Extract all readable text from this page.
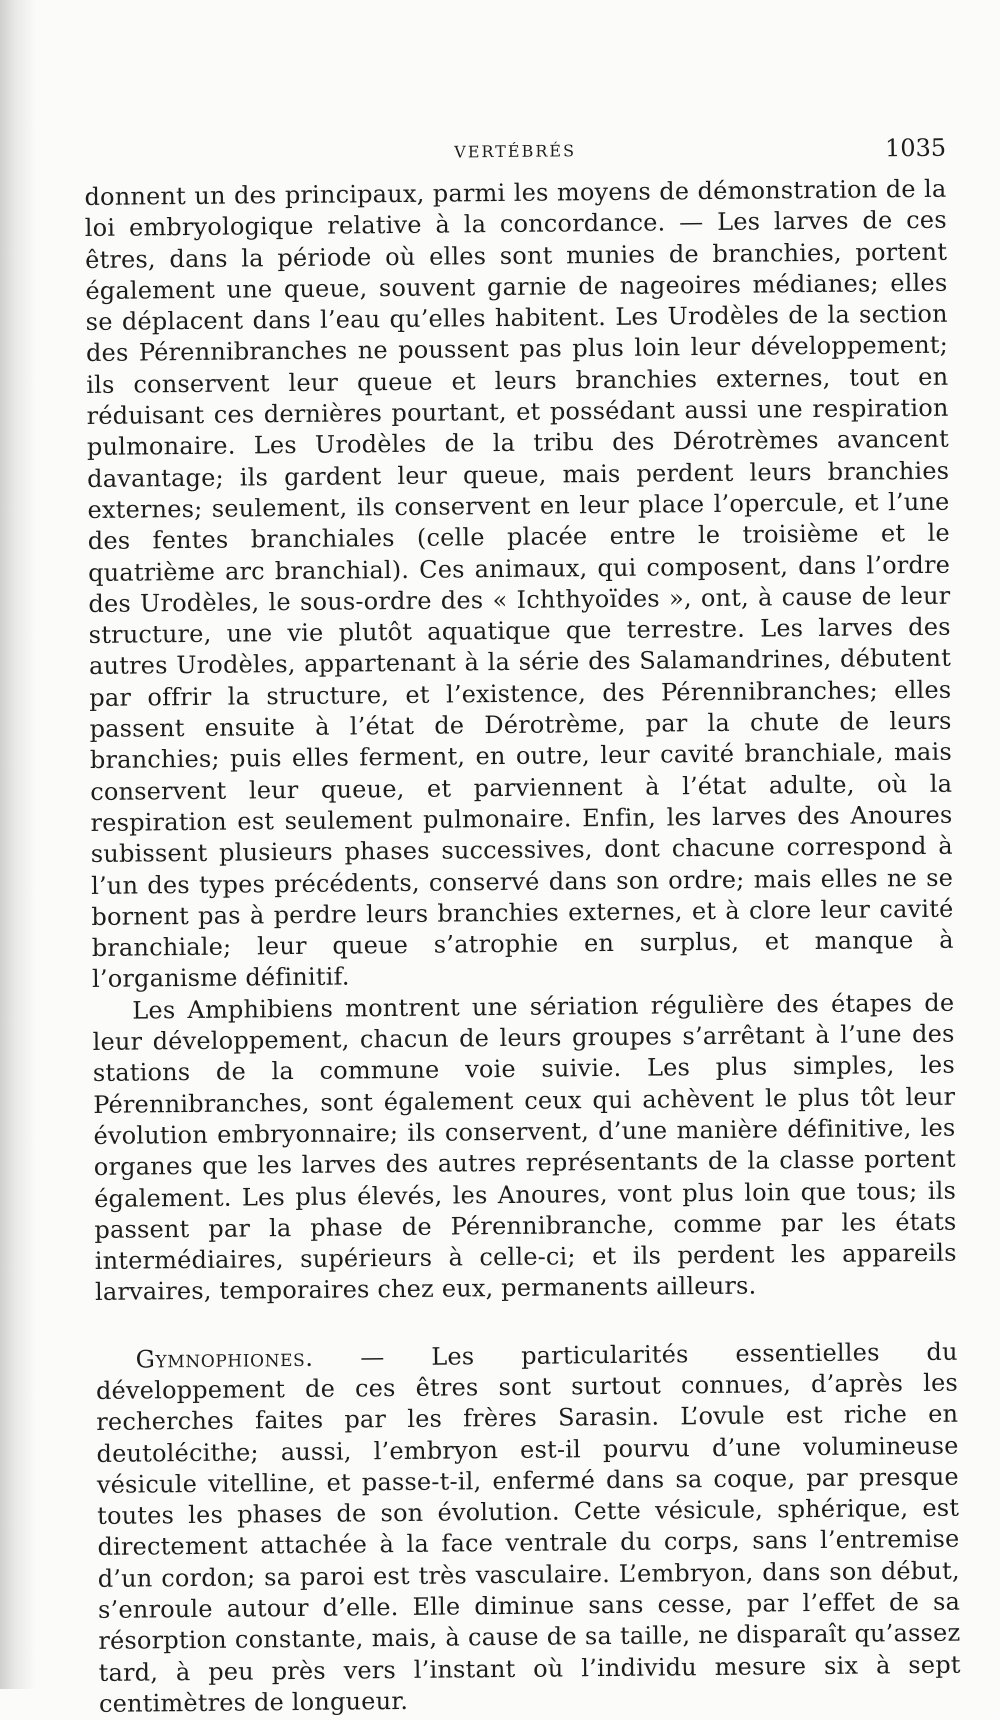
VERTÉBRÉS	1035

donnent un des principaux, parmi les moyens de démonstration de la loi embryologique relative à la concordance. — Les larves de ces êtres, dans la période où elles sont munies de branchies, portent également une queue, souvent garnie de nageoires médianes; elles se déplacent dans l’eau qu’elles habitent. Les Urodèles de la section des Pérennibranches ne poussent pas plus loin leur développement; ils conservent leur queue et leurs branchies externes, tout en réduisant ces dernières pourtant, et possédant aussi une respiration pulmonaire. Les Urodèles de la tribu des Dérotrèmes avancent davantage; ils gardent leur queue, mais perdent leurs branchies externes; seulement, ils conservent en leur place l’opercule, et l’une des fentes branchiales (celle placée entre le troisième et le quatrième arc branchial). Ces animaux, qui composent, dans l’ordre des Urodèles, le sous-ordre des « Ichthyoïdes », ont, à cause de leur structure, une vie plutôt aquatique que terrestre. Les larves des autres Urodèles, appartenant à la série des Salamandrines, débutent par offrir la structure, et l’existence, des Pérennibranches; elles passent ensuite à l’état de Dérotrème, par la chute de leurs branchies; puis elles ferment, en outre, leur cavité branchiale, mais conservent leur queue, et parviennent à l’état adulte, où la respiration est seulement pulmonaire. Enfin, les larves des Anoures subissent plusieurs phases successives, dont chacune correspond à l’un des types précédents, conservé dans son ordre; mais elles ne se bornent pas à perdre leurs branchies externes, et à clore leur cavité branchiale; leur queue s’atrophie en surplus, et manque à l’organisme définitif.

Les Amphibiens montrent une sériation régulière des étapes de leur développement, chacun de leurs groupes s’arrêtant à l’une des stations de la commune voie suivie. Les plus simples, les Pérennibranches, sont également ceux qui achèvent le plus tôt leur évolution embryonnaire; ils conservent, d’une manière définitive, les organes que les larves des autres représentants de la classe portent également. Les plus élevés, les Anoures, vont plus loin que tous; ils passent par la phase de Pérennibranche, comme par les états intermédiaires, supérieurs à celle-ci; et ils perdent les appareils larvaires, temporaires chez eux, permanents ailleurs.

Gymnophiones. — Les particularités essentielles du développement de ces êtres sont surtout connues, d’après les recherches faites par les frères Sarasin. L’ovule est riche en deutolécithe; aussi, l’embryon est-il pourvu d’une volumineuse vésicule vitelline, et passe-t-il, enfermé dans sa coque, par presque toutes les phases de son évolution. Cette vésicule, sphérique, est directement attachée à la face ventrale du corps, sans l’entremise d’un cordon; sa paroi est très vasculaire. L’embryon, dans son début, s’enroule autour d’elle. Elle diminue sans cesse, par l’effet de sa résorption constante, mais, à cause de sa taille, ne disparaît qu’assez tard, à peu près vers l’instant où l’individu mesure six à sept centimètres de longueur.
